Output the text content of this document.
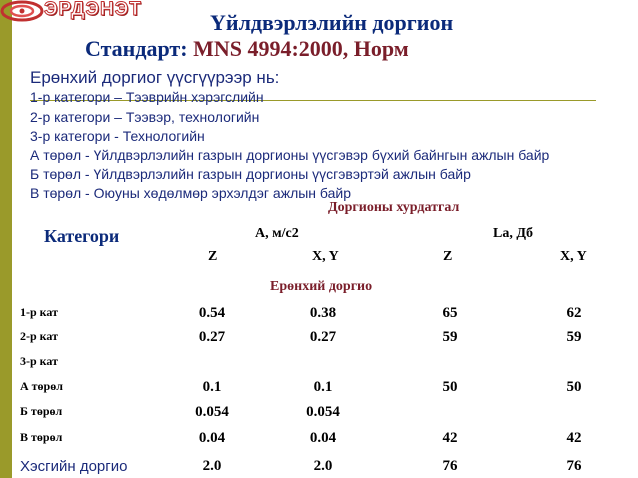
ЭРДЭНЭТ
Үйлдвэрлэлийн доргион
Стандарт: MNS 4994:2000, Норм
Ерөнхий доргиог үүсгүүрээр нь:
1-р категори – Тээврийн хэрэгслийн
2-р категори – Тээвэр, технологийн
3-р категори - Технологийн
А төрөл - Үйлдвэрлэлийн газрын доргионы үүсгэвэр бүхий байнгын ажлын байр
Б төрөл - Үйлдвэрлэлийн газрын доргионы үүсгэвэртэй ажлын байр
В төрөл - Оюуны хөдөлмөр эрхэлдэг ажлын байр
Доргионы хурдатгал
Категори	А, м/с2	La, Дб
Z	X, Y	Z	X, Y
Ерөнхий доргио
1-р кат	0.54	0.38	65	62
2-р кат	0.27	0.27	59	59
3-р кат
А төрөл	0.1	0.1	50	50
Б төрөл	0.054	0.054
В төрөл	0.04	0.04	42	42
Хэсгийн доргио	2.0	2.0	76	76
